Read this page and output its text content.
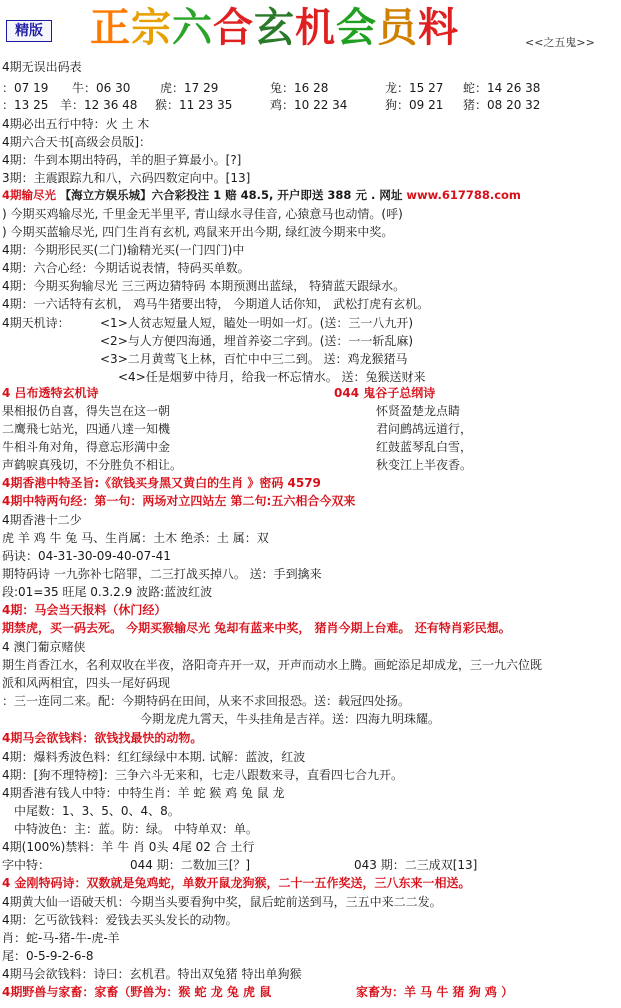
精版 正宗六合玄机会员料	<<之五鬼>>
4期无误出码表
：07 19 牛：06 30 虎：17 29	兔：16 28	龙：15 27 蛇：14 26 38
：13 25 羊：12 36 48 猴：11 23 35	鸡：10 22 34	狗：09 21 猪：08 20 32
4期必出五行中特：火 土 木
4期六合天书[高级会员版]：
4期：牛到本期出特码，羊的胆子算最小。[?]
3期：主震跟踪九和八，六码四数定向中。[13]
4期输尽光 【海立方娱乐城】六合彩投注 1 赔 48.5, 开户即送 388 元 . 网址 www.617788.com
) 今期买鸡输尽光, 千里金无半里平, 青山绿水寻佳音, 心猿意马也动情。(呼)
) 今期买蓝输尽光, 四门生肖有玄机, 鸡鼠来开出今期, 绿红波今期来中奖。
4期：今期形民买(二门)输精光买(一门四门)中
4期：六合心经：今期话说表情，特码买单数。
4期：今期买狗输尽光 三三两边猜特码 本期预测出蓝绿， 特猜蓝天跟绿水。
4期：一六话特有玄机， 鸡马牛猪要出特， 今期道人话你知， 武松打虎有玄机。
4期天机诗：	<1>人贫志短量人短，瞌处一明如一灯。(送：三一八九开)
<2>与人方便四海通，埋首养姿二字到。(送：一一斩乱麻)
<3>二月黄莺飞上林，百忙中中三二到。 送：鸡龙猴猪马
<4>任是烟萝中待月，给我一杯忘情水。 送：兔猴送财来
4 吕布透特玄机诗	044 鬼谷子总纲诗
果相报仍自喜，得失岂在这一朝	怀贤盈楚龙点睛
二鹰飛七站光，四通八達一知機	君问鹧鸪远道行，
牛相斗角对角，得意忘形満中金	红鼓蓝琴乱白雪，
声鹤唳真残切，不分胜负不相让。	秋变江上半夜香。
4期香港中特圣旨:《欲钱买身黑又黄白的生肖 》密码 4579
4期中特两句经：第一句：两场对立四站左 第二句:五六相合今双来
4期香港十二少
虎 羊 鸡 牛 兔 马、生肖属：土木 绝杀：土 属：双
码诀：04-31-30-09-40-07-41
期特码诗 一九弥补七陪罪，二三打战买掉八。 送：手到擒来
段:01=35 旺尾 0.3.2.9 波路:蓝波红波
4期：马会当天报料（休门经）
期禁虎，买一码去死。 今期买猴输尽光 兔却有蓝来中奖， 猪肖今期上台难。 还有特肖彩民想。
4 澳门葡京赌侠
期生肖香江水，名利双收在半夜，洛阳奇卉开一双，开声而动水上腾。画蛇添足却成龙，三一九六位既
派和风两相宜，四头一尾好码现
：三一连同二来。配：今期特码在田间，从来不求回报恐。送：载冠四处扬。
今期龙虎九霄天，牛头挂角是吉祥。送：四海九明珠耀。
4期马会欲钱料：欲钱找最快的动物。
4期：爆料秀波色料：红红绿绿中本期. 试解：蓝波，红波
4期：[狗不理特榜]：三争六斗无来和，七走八跟数来寻，直看四七合九开。
4期香港有钱人中特：中特生肖：羊 蛇 猴 鸡 兔 鼠 龙
中尾数：1、3、5、0、4、8。
中特波色：主：蓝。防：绿。 中特单双：单。
4期(100%)禁料：羊 牛 肖 0头 4尾 02 合 土行
字中特：	044 期：二数加三[？]	043 期：二三成双[13]
4 金刚特码诗：双数就是兔鸡蛇，单数开鼠龙狗猴，二十一五作奖送，三八东来一相送。
4期黄大仙一语破天机：今期当头要看狗中奖，鼠后蛇前送到马，三五中来二二发。
4期：乞丐欲钱料：爱钱去买头发长的动物。
肖：蛇-马-猪-牛-虎-羊
尾：0-5-9-2-6-8
4期马会欲钱料：诗曰：玄机君。特出双兔猪 特出单狗猴
4期野兽与家畜：家畜（野兽为：猴 蛇 龙 兔 虎 鼠	家畜为：羊 马 牛 猪 狗 鸡 ）
